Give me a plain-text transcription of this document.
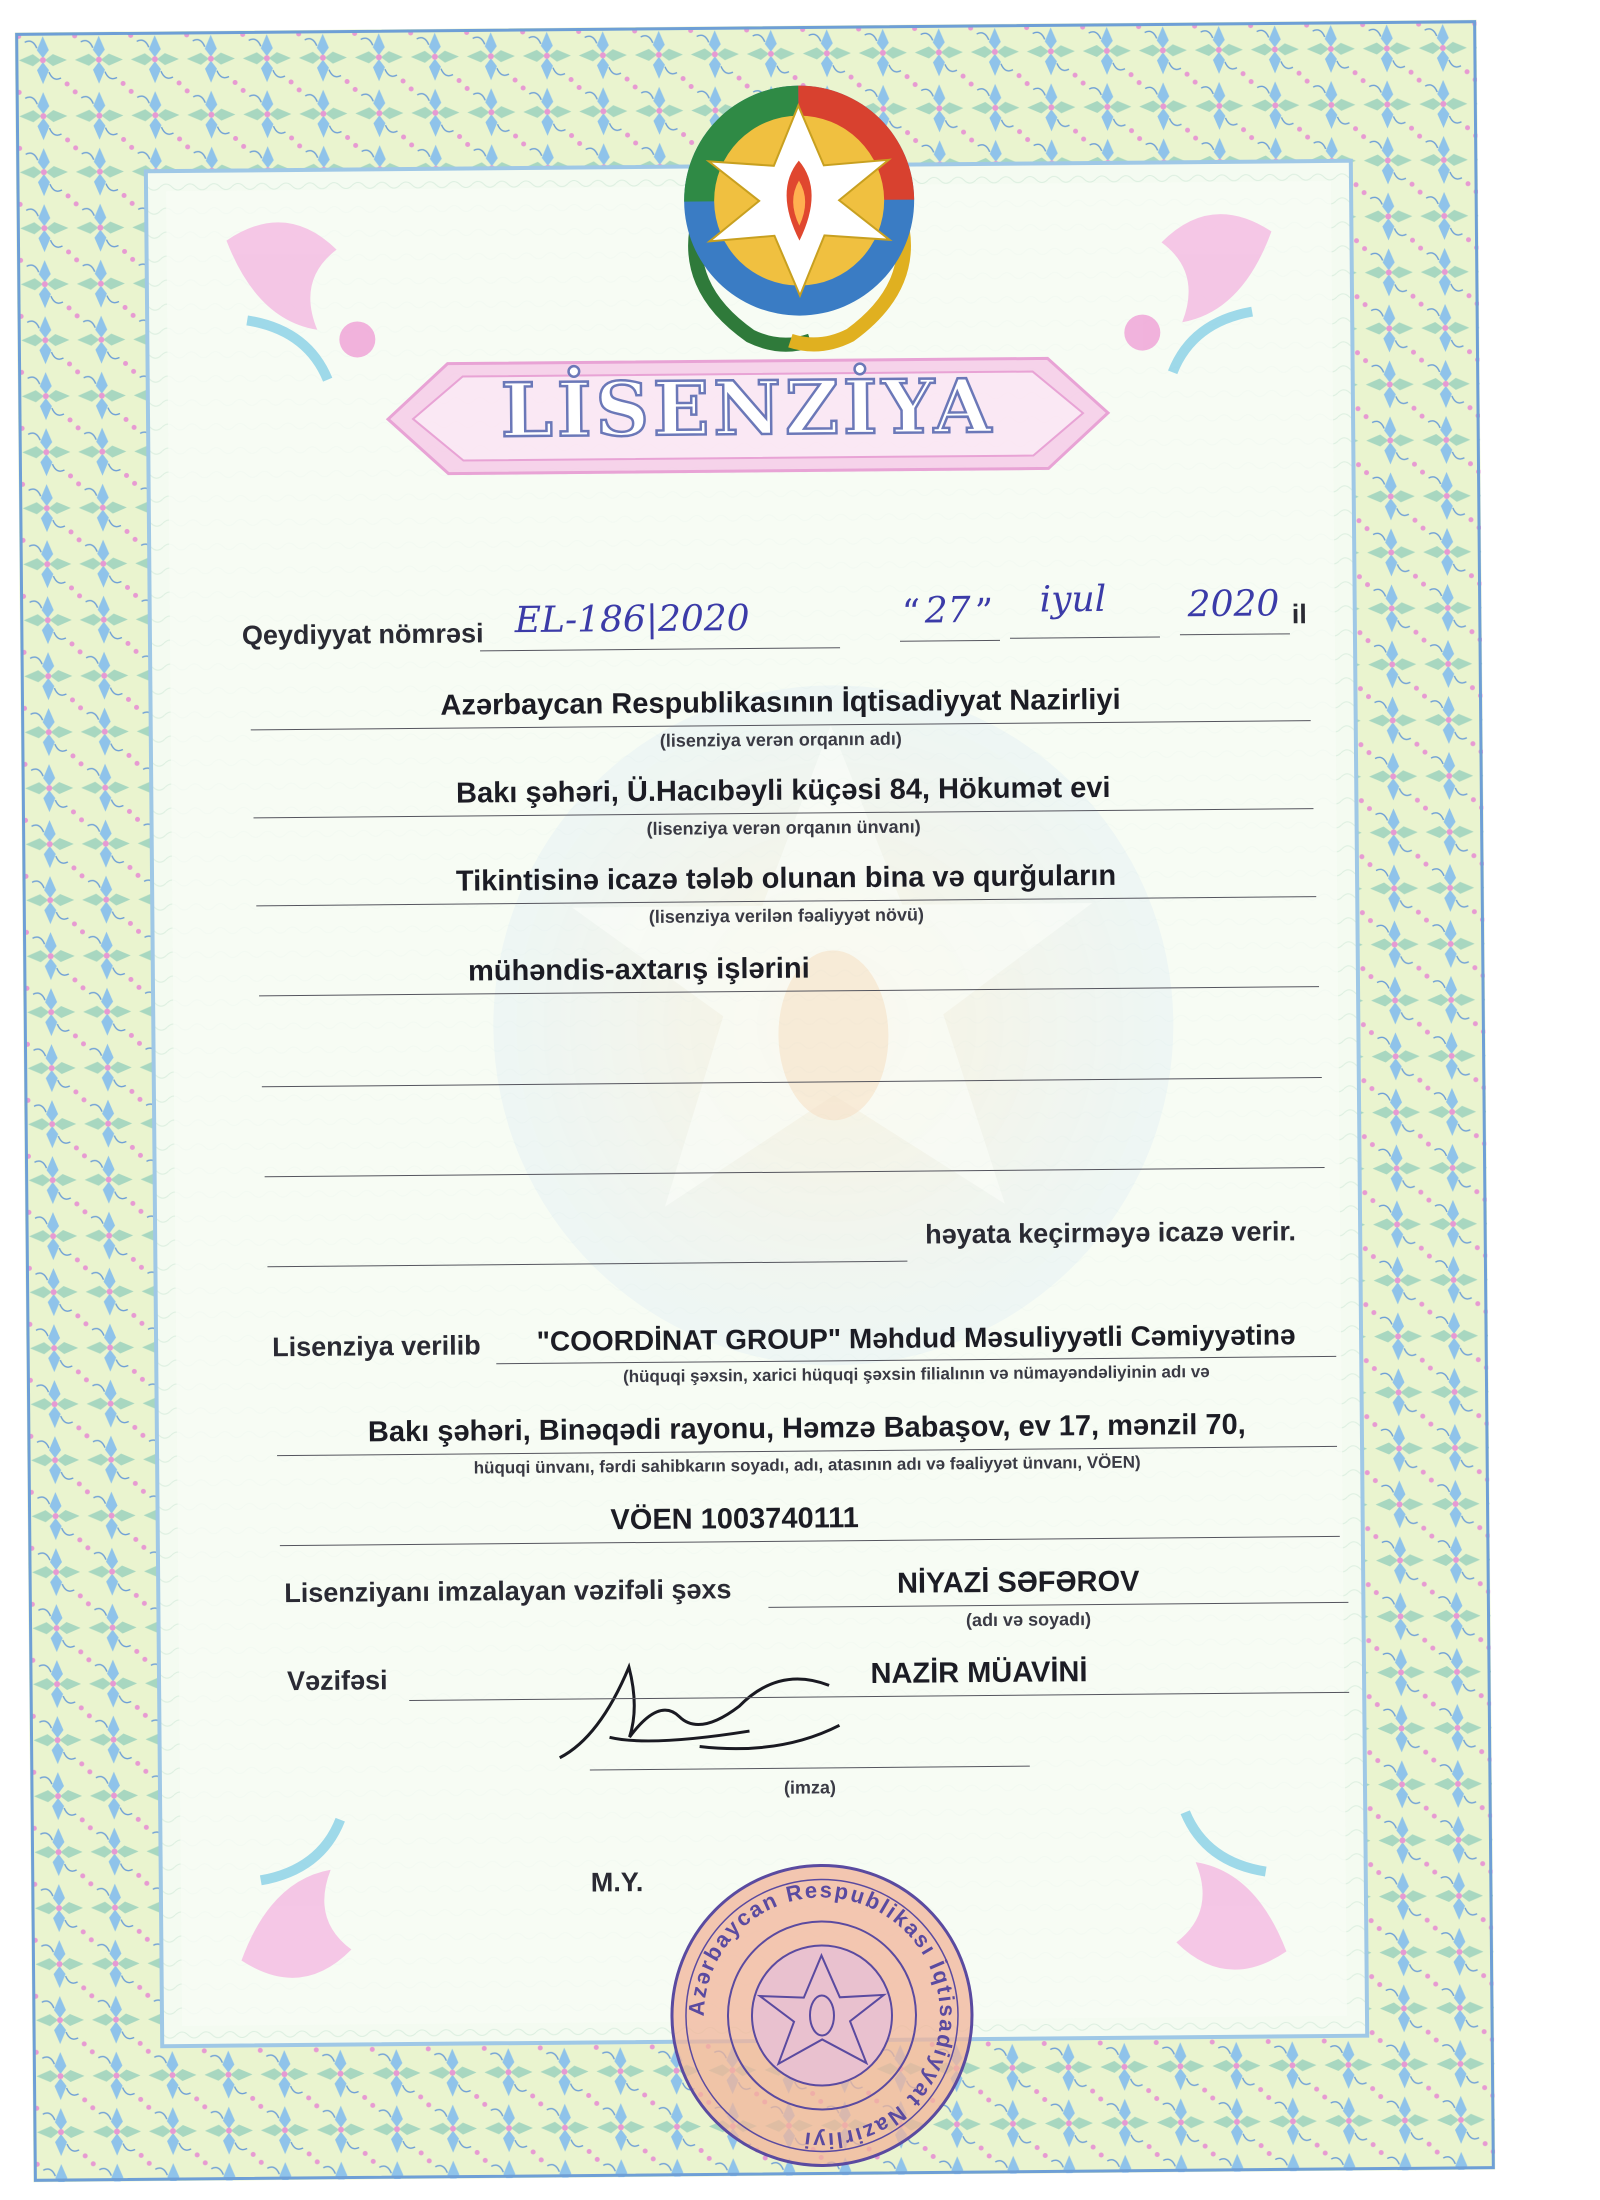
LİSENZİYA
Qeydiyyat nömrəsi EL-186|2020	“ 27 ” iyul 2020 il
Azərbaycan Respublikasının İqtisadiyyat Nazirliyi
(lisenziya verən orqanın adı)
Bakı şəhəri, Ü.Hacıbəyli küçəsi 84, Hökumət evi
(lisenziya verən orqanın ünvanı)
Tikintisinə icazə tələb olunan bina və qurğuların
(lisenziya verilən fəaliyyət növü)
mühəndis-axtarış işlərini
həyata keçirməyə icazə verir.
Lisenziya verilib	"COORDİNAT GROUP" Məhdud Məsuliyyətli Cəmiyyətinə
(hüquqi şəxsin, xarici hüquqi şəxsin filialının və nümayəndəliyinin adı və
Bakı şəhəri, Binəqədi rayonu, Həmzə Babaşov, ev 17, mənzil 70,
hüquqi ünvanı, fərdi sahibkarın soyadı, adı, atasının adı və fəaliyyət ünvanı, VÖEN)
VÖEN 1003740111
Lisenziyanı imzalayan vəzifəli şəxs	NİYAZİ SƏFƏROV
(adı və soyadı)
Vəzifəsi	NAZİR MÜAVİNİ
(imza)
M.Y.
Azərbaycan Respublikası İqtisadiyyat Nazirliyi
